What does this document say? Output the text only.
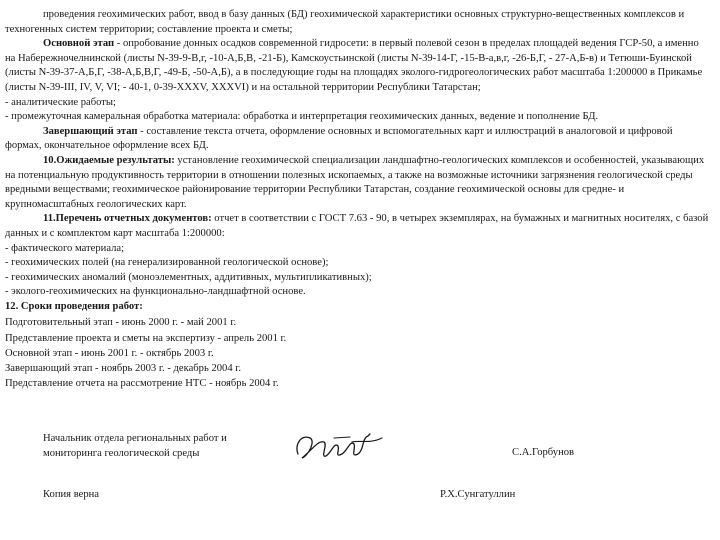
проведения геохимических работ, ввод в базу данных (БД) геохимической характеристики основных структурно-вещественных комплексов и техногенных систем территории; составление проекта и сметы;

Основной этап - опробование донных осадков современной гидросети: в первый полевой сезон в пределах площадей ведения ГСР-50, а именно на Набережночелнинской (листы N-39-9-В,г, -10-А,Б,В, -21-Б), Камскоустьинской (листы N-39-14-Г, -15-В-а,в,г, -26-Б,Г, - 27-А,Б-в) и Тетюши-Буинской (листы N-39-37-А,Б,Г, -38-А,Б,В,Г, -49-Б, -50-А,Б), а в последующие годы на площадях эколого-гидрогеологических работ масштаба 1:200000 в Прикамье (листы N-39-III, IV, V, VI; - 40-1, 0-39-XXXV, XXXVI) и на остальной территории Республики Татарстан;

- аналитические работы;

- промежуточная камеральная обработка материала: обработка и интерпретация геохимических данных, ведение и пополнение БД.

Завершающий этап - составление текста отчета, оформление основных и вспомогательных карт и иллюстраций в аналоговой и цифровой формах, окончательное оформление всех БД.

10.Ожидаемые результаты: установление геохимической специализации ландшафтно-геологических комплексов и особенностей, указывающих на потенциальную продуктивность территории в отношении полезных ископаемых, а также на возможные источники загрязнения геологической среды вредными веществами; геохимическое районирование территории Республики Татарстан, создание геохимической основы для средне- и крупномасштабных геологических карт.

11.Перечень отчетных документов: отчет в соответствии с ГОСТ 7.63 - 90, в четырех экземплярах, на бумажных и магнитных носителях, с базой данных и с комплектом карт масштаба 1:200000:

- фактического материала;

- геохимических полей (на генерализированной геологической основе);

- геохимических аномалий (моноэлементных, аддитивных, мультипликативных);

- эколого-геохимических на функционально-ландшафтной основе.

12. Сроки проведения работ:

Подготовительный этап - июнь 2000 г. - май 2001 г.

Представление проекта и сметы на экспертизу - апрель 2001 г.

Основной этап - июнь 2001 г. - октябрь 2003 г.

Завершающий этап - ноябрь 2003 г. - декабрь 2004 г.

Представление отчета на рассмотрение НТС - ноябрь 2004 г.

Начальник отдела региональных работ и
мониторинга геологической среды	С.А.Горбунов
Копия верна	Р.Х.Сунгатуллин
